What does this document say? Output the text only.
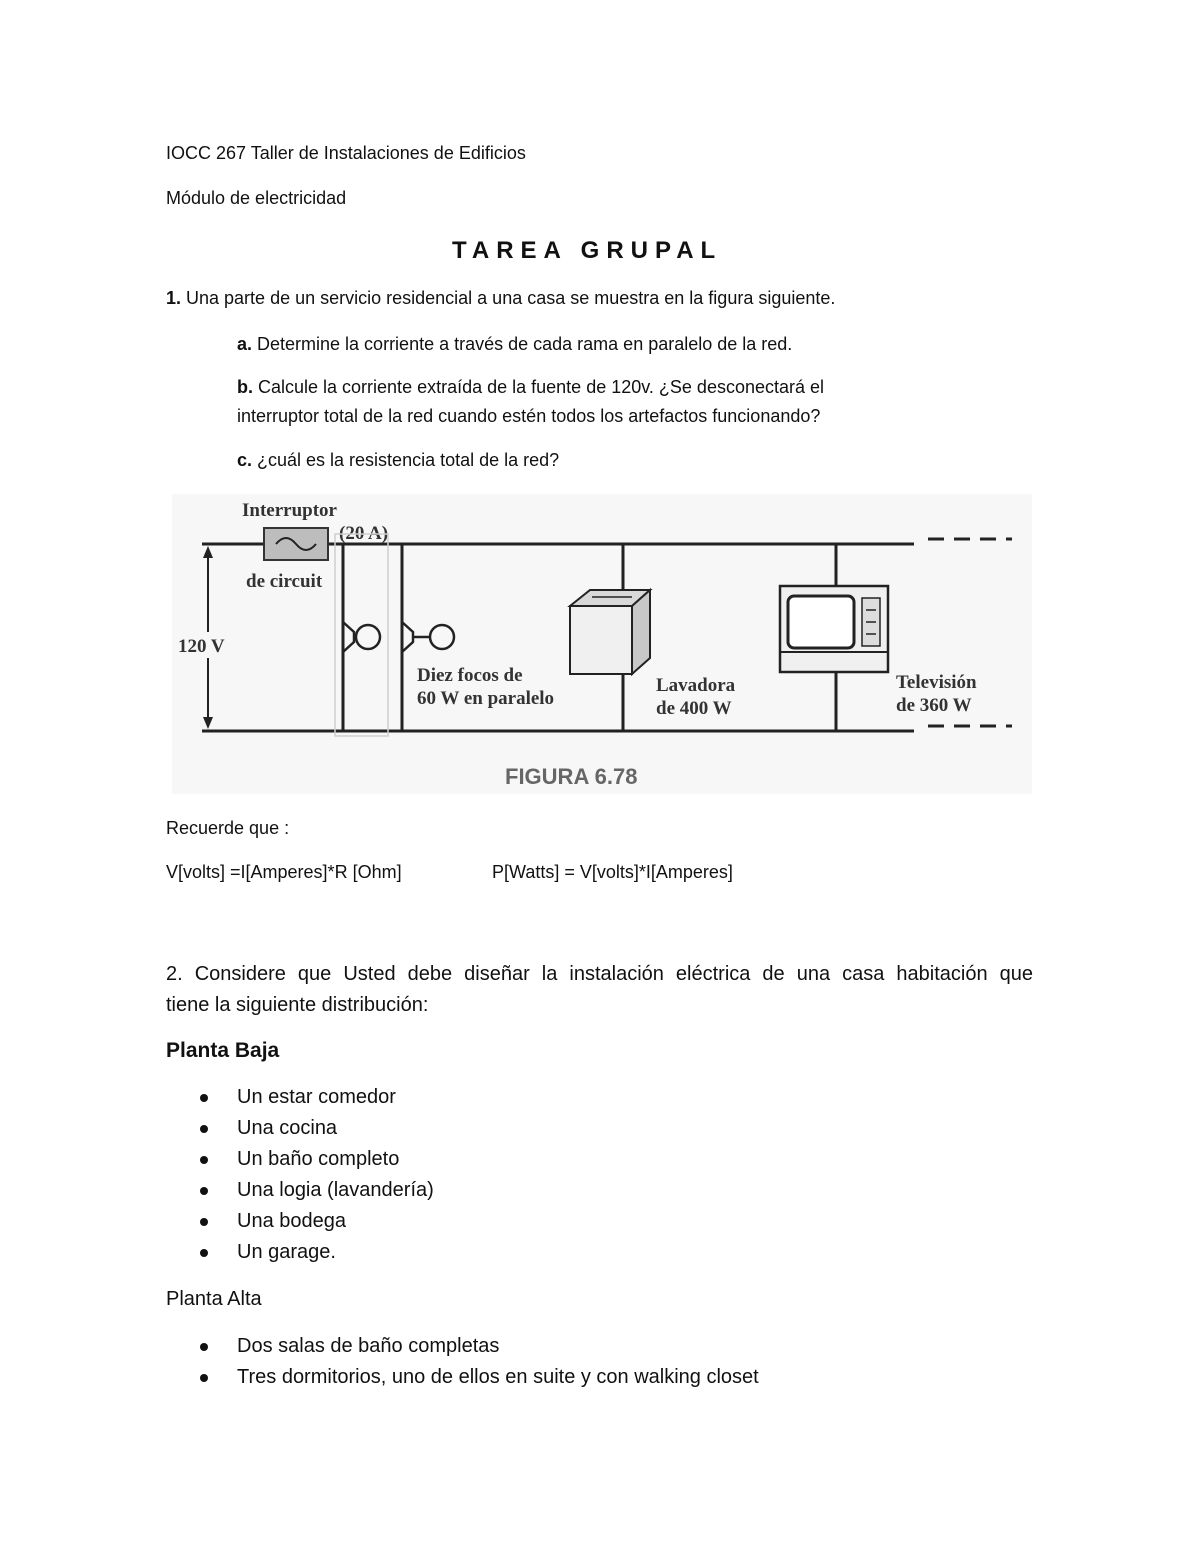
IOCC 267 Taller de Instalaciones de Edificios
Módulo de electricidad
TAREA GRUPAL
1. Una parte de un servicio residencial a una casa se muestra en la figura siguiente.
a. Determine la corriente a través de cada rama en paralelo de la red.
b. Calcule la corriente extraída de la fuente de 120v. ¿Se desconectará el
interruptor total de la red cuando estén todos los artefactos funcionando?
c. ¿cuál es la resistencia total de la red?
Interruptor
de circuit
(20 A)
120 V
Diez focos de
60 W en paralelo
Lavadora
de 400 W
Televisión
de 360 W
FIGURA 6.78
Recuerde que :
V[volts] =I[Amperes]*R [Ohm]	P[Watts] = V[volts]*I[Amperes]
2. Considere que Usted debe diseñar la instalación eléctrica de una casa habitación que
tiene la siguiente distribución:
Planta Baja
Un estar comedor
Una cocina
Un baño completo
Una logia (lavandería)
Una bodega
Un garage.
Planta Alta
Dos salas de baño completas
Tres dormitorios, uno de ellos en suite y con walking closet
